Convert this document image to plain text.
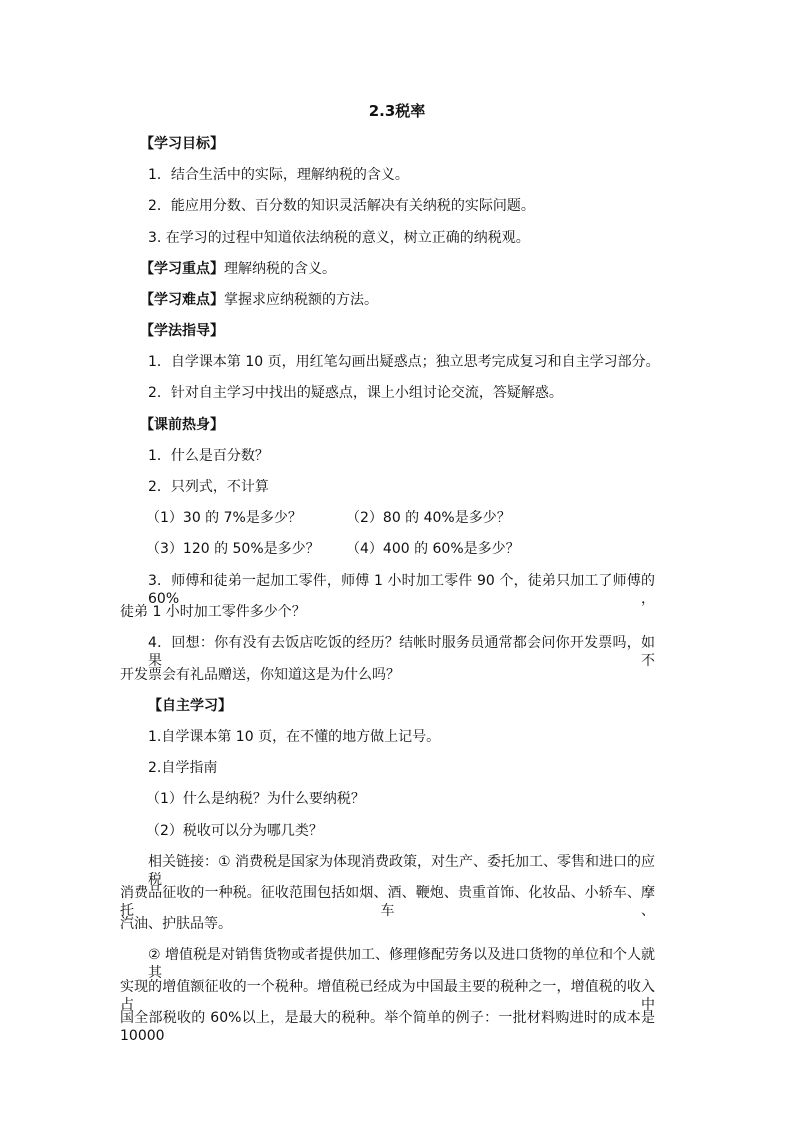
2.3税率
【学习目标】
1．结合生活中的实际，理解纳税的含义。
2．能应用分数、百分数的知识灵活解决有关纳税的实际问题。
3. 在学习的过程中知道依法纳税的意义，树立正确的纳税观。
【学习重点】理解纳税的含义。
【学习难点】掌握求应纳税额的方法。
【学法指导】
1．自学课本第 10 页，用红笔勾画出疑惑点；独立思考完成复习和自主学习部分。
2．针对自主学习中找出的疑惑点，课上小组讨论交流，答疑解惑。
【课前热身】
1．什么是百分数？
2．只列式，不计算
（1）30 的 7%是多少？	（2）80 的 40%是多少？
（3）120 的 50%是多少？ （4）400 的 60%是多少？
3．师傅和徒弟一起加工零件，师傅 1 小时加工零件 90 个，徒弟只加工了师傅的 60%，
徒弟 1 小时加工零件多少个？
4．回想：你有没有去饭店吃饭的经历？结帐时服务员通常都会问你开发票吗，如果不
开发票会有礼品赠送，你知道这是为什么吗？
【自主学习】
1.自学课本第 10 页，在不懂的地方做上记号。
2.自学指南
（1）什么是纳税？为什么要纳税？
（2）税收可以分为哪几类？
相关链接：① 消费税是国家为体现消费政策，对生产、委托加工、零售和进口的应税
消费品征收的一种税。征收范围包括如烟、酒、鞭炮、贵重首饰、化妆品、小轿车、摩托车、
汽油、护肤品等。
② 增值税是对销售货物或者提供加工、修理修配劳务以及进口货物的单位和个人就其
实现的增值额征收的一个税种。增值税已经成为中国最主要的税种之一，增值税的收入占中
国全部税收的 60%以上，是最大的税种。举个简单的例子：一批材料购进时的成本是 10000
